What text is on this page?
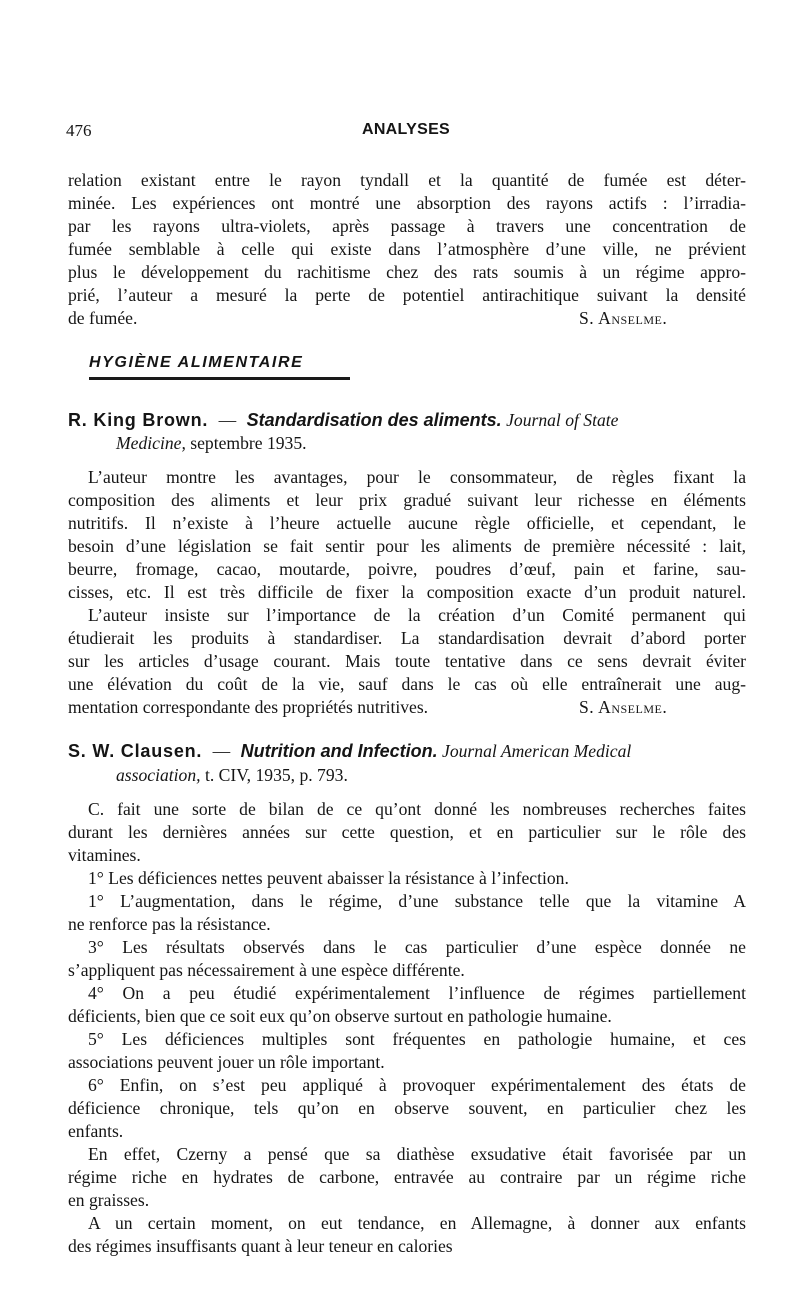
476	ANALYSES
relation existant entre le rayon tyndall et la quantité de fumée est déter-
minée. Les expériences ont montré une absorption des rayons actifs : l’irradia-
par les rayons ultra-violets, après passage à travers une concentration de
fumée semblable à celle qui existe dans l’atmosphère d’une ville, ne prévient
plus le développement du rachitisme chez des rats soumis à un régime appro-
prié, l’auteur a mesuré la perte de potentiel antirachitique suivant la densité
de fumée.	S. Anselme.
HYGIÈNE ALIMENTAIRE
R. King Brown. — Standardisation des aliments. Journal of State
Medicine, septembre 1935.
L’auteur montre les avantages, pour le consommateur, de règles fixant la
composition des aliments et leur prix gradué suivant leur richesse en éléments
nutritifs. Il n’existe à l’heure actuelle aucune règle officielle, et cependant, le
besoin d’une législation se fait sentir pour les aliments de première nécessité : lait,
beurre, fromage, cacao, moutarde, poivre, poudres d’œuf, pain et farine, sau-
cisses, etc. Il est très difficile de fixer la composition exacte d’un produit naturel.
L’auteur insiste sur l’importance de la création d’un Comité permanent qui
étudierait les produits à standardiser. La standardisation devrait d’abord porter
sur les articles d’usage courant. Mais toute tentative dans ce sens devrait éviter
une élévation du coût de la vie, sauf dans le cas où elle entraînerait une aug-
mentation correspondante des propriétés nutritives.	S. Anselme.
S. W. Clausen. — Nutrition and Infection. Journal American Medical
association, t. CIV, 1935, p. 793.
C. fait une sorte de bilan de ce qu’ont donné les nombreuses recherches faites
durant les dernières années sur cette question, et en particulier sur le rôle des
vitamines.
1° Les déficiences nettes peuvent abaisser la résistance à l’infection.
1° L’augmentation, dans le régime, d’une substance telle que la vitamine A
ne renforce pas la résistance.
3° Les résultats observés dans le cas particulier d’une espèce donnée ne
s’appliquent pas nécessairement à une espèce différente.
4° On a peu étudié expérimentalement l’influence de régimes partiellement
déficients, bien que ce soit eux qu’on observe surtout en pathologie humaine.
5° Les déficiences multiples sont fréquentes en pathologie humaine, et ces
associations peuvent jouer un rôle important.
6° Enfin, on s’est peu appliqué à provoquer expérimentalement des états de
déficience chronique, tels qu’on en observe souvent, en particulier chez les
enfants.
En effet, Czerny a pensé que sa diathèse exsudative était favorisée par un
régime riche en hydrates de carbone, entravée au contraire par un régime riche
en graisses.
A un certain moment, on eut tendance, en Allemagne, à donner aux enfants
des régimes insuffisants quant à leur teneur en calories
